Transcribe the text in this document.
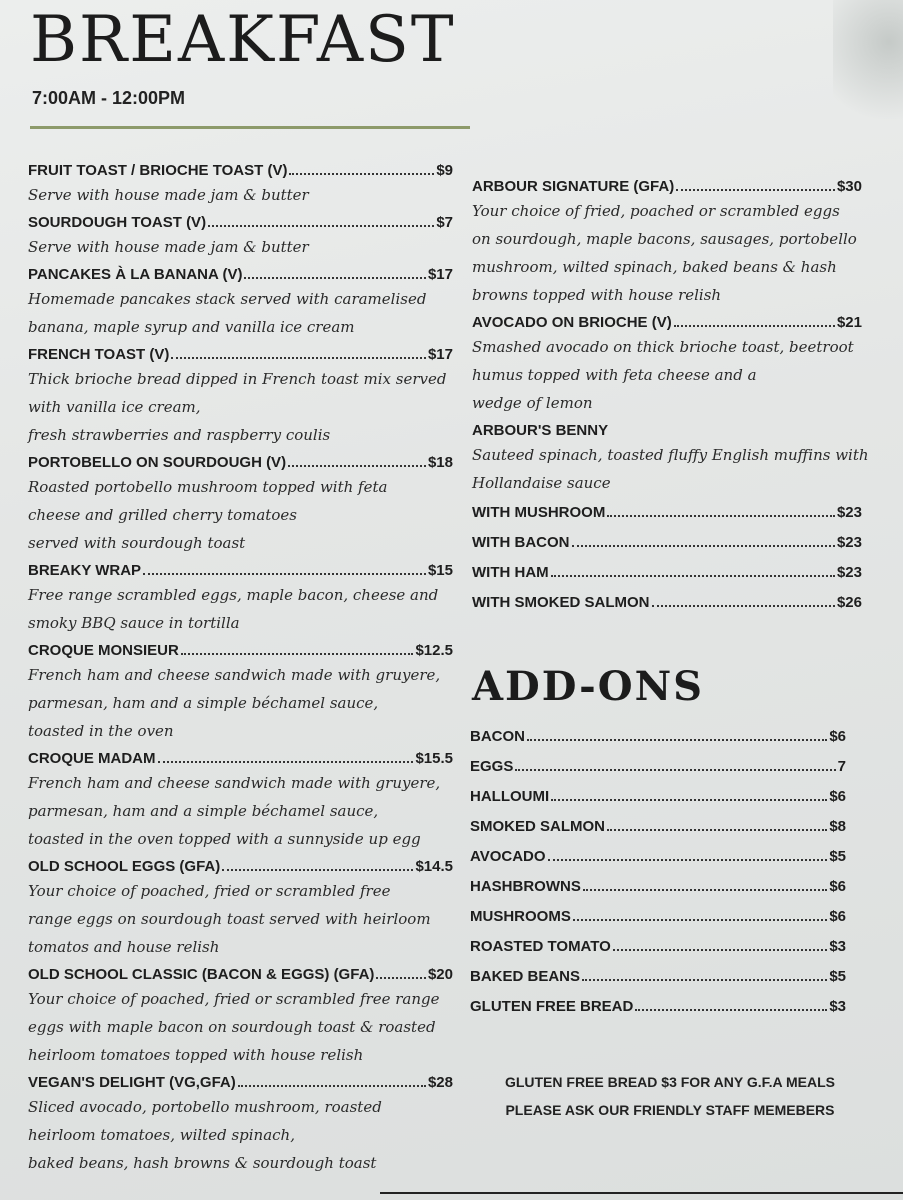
BREAKFAST
7:00AM - 12:00PM
FRUIT TOAST / BRIOCHE TOAST (V)	$9
Serve with house made jam & butter
SOURDOUGH TOAST (V)	$7
Serve with house made jam & butter
PANCAKES À LA BANANA (V)	$17
Homemade pancakes stack served with caramelised
banana, maple syrup and vanilla ice cream
FRENCH TOAST (V)	$17
Thick brioche bread dipped in French toast mix served
with vanilla ice cream,
fresh strawberries and raspberry coulis
PORTOBELLO ON SOURDOUGH (V)	$18
Roasted portobello mushroom topped with feta
cheese and grilled cherry tomatoes
served with sourdough toast
BREAKY WRAP	$15
Free range scrambled eggs, maple bacon, cheese and
smoky BBQ sauce in tortilla
CROQUE MONSIEUR	$12.5
French ham and cheese sandwich made with gruyere,
parmesan, ham and a simple béchamel sauce,
toasted in the oven
CROQUE MADAM	$15.5
French ham and cheese sandwich made with gruyere,
parmesan, ham and a simple béchamel sauce,
toasted in the oven topped with a sunnyside up egg
OLD SCHOOL EGGS (GFA)	$14.5
Your choice of poached, fried or scrambled free
range eggs on sourdough toast served with heirloom
tomatos and house relish
OLD SCHOOL CLASSIC (BACON & EGGS) (GFA)	$20
Your choice of poached, fried or scrambled free range
eggs with maple bacon on sourdough toast & roasted
heirloom tomatoes topped with house relish
VEGAN'S DELIGHT (VG,GFA)	$28
Sliced avocado, portobello mushroom, roasted
heirloom tomatoes, wilted spinach,
baked beans, hash browns & sourdough toast
ARBOUR SIGNATURE (GFA)	$30
Your choice of fried, poached or scrambled eggs
on sourdough, maple bacons, sausages, portobello
mushroom, wilted spinach, baked beans & hash
browns topped with house relish
AVOCADO ON BRIOCHE (V)	$21
Smashed avocado on thick brioche toast, beetroot
humus topped with feta cheese and a
wedge of lemon
ARBOUR'S BENNY
Sauteed spinach, toasted fluffy English muffins with
Hollandaise sauce
WITH MUSHROOM	$23
WITH BACON	$23
WITH HAM	$23
WITH SMOKED SALMON	$26
ADD-ONS
BACON	$6
EGGS	7
HALLOUMI	$6
SMOKED SALMON	$8
AVOCADO	$5
HASHBROWNS	$6
MUSHROOMS	$6
ROASTED TOMATO	$3
BAKED BEANS	$5
GLUTEN FREE BREAD	$3
GLUTEN FREE BREAD $3 FOR ANY G.F.A MEALS
PLEASE ASK OUR FRIENDLY STAFF MEMEBERS
